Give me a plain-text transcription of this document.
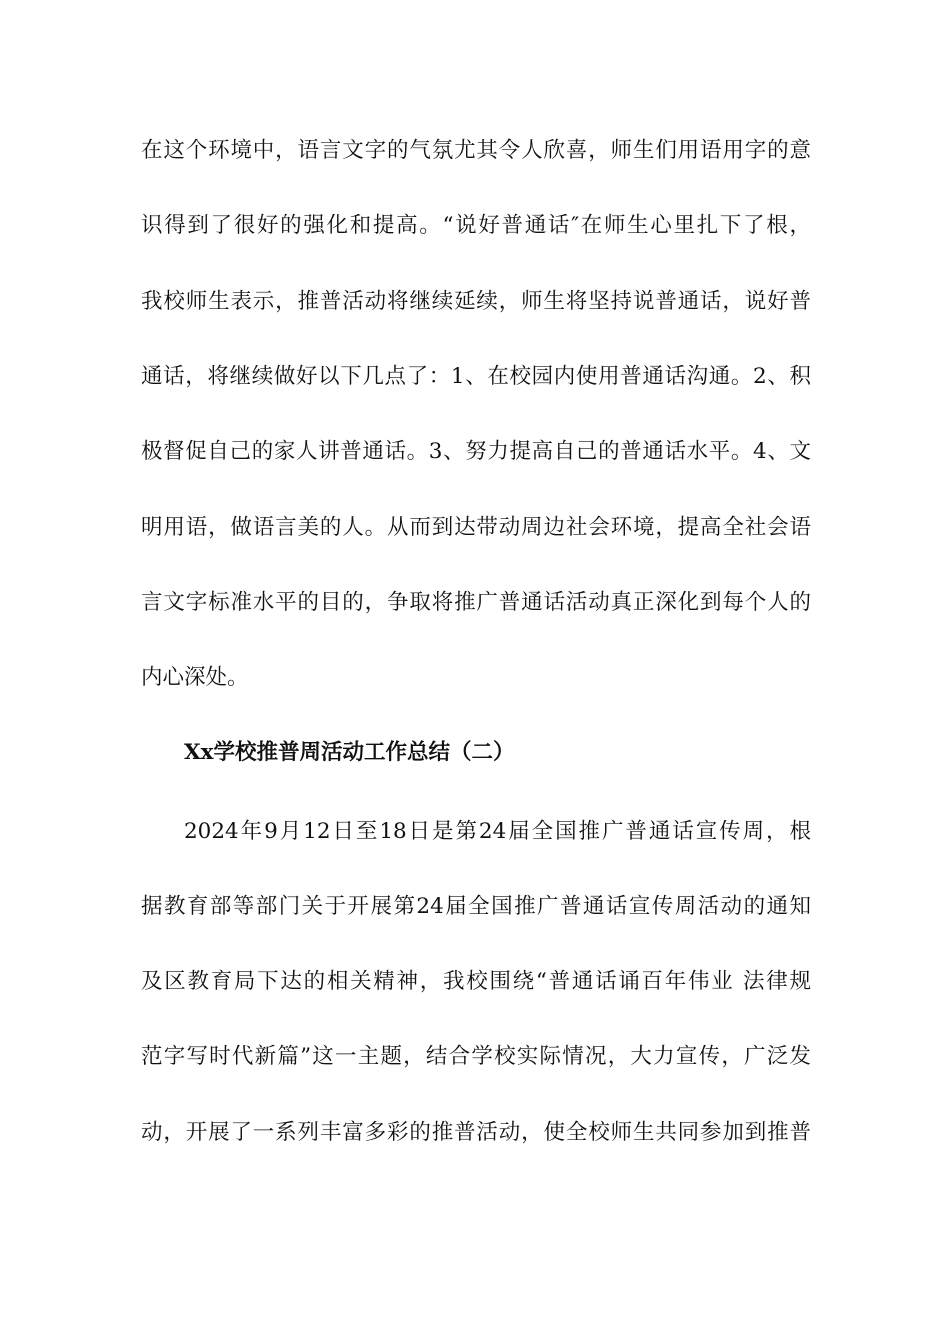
在这个环境中，语言文字的气氛尤其令人欣喜，师生们用语用字的意
识得到了很好的强化和提高。“说好普通话″在师生心里扎下了根，
我校师生表示，推普活动将继续延续，师生将坚持说普通话，说好普
通话，将继续做好以下几点了：1、在校园内使用普通话沟通。2、积
极督促自己的家人讲普通话。3、努力提高自己的普通话水平。4、文
明用语，做语言美的人。从而到达带动周边社会环境，提高全社会语
言文字标准水平的目的，争取将推广普通话活动真正深化到每个人的
内心深处。
Xx学校推普周活动工作总结（二）
2024年9月12日至18日是第24届全国推广普通话宣传周，根
据教育部等部门关于开展第24届全国推广普通话宣传周活动的通知
及区教育局下达的相关精神，我校围绕“普通话诵百年伟业 法律规
范字写时代新篇”这一主题，结合学校实际情况，大力宣传，广泛发
动，开展了一系列丰富多彩的推普活动，使全校师生共同参加到推普
